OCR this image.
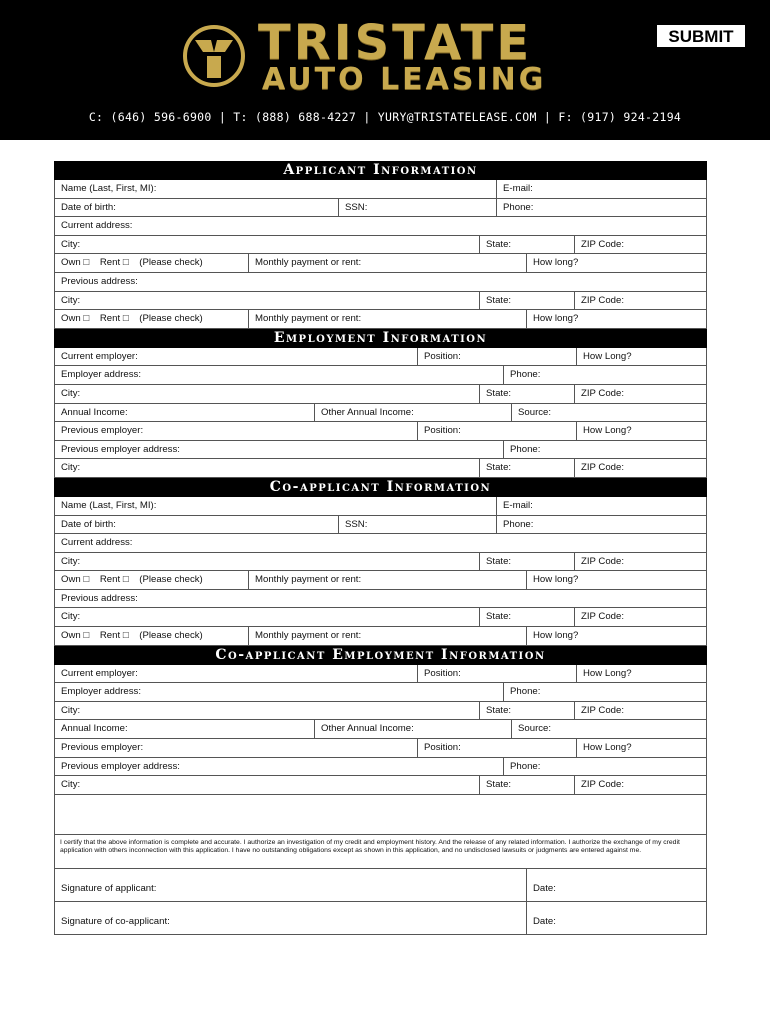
TRISTATE
AUTO LEASING
C: (646) 596-6900 | T: (888) 688-4227 | YURY@TRISTATELEASE.COM | F: (917) 924-2194
SUBMIT
Applicant Information
Name (Last, First, MI):	E-mail:
Date of birth:	SSN:	Phone:
Current address:
City:	State:	ZIP Code:
Own □ Rent □ (Please check)	Monthly payment or rent:	How long?
Previous address:
City:	State:	ZIP Code:
Own □ Rent □ (Please check)	Monthly payment or rent:	How long?
Employment Information
Current employer:	Position:	How Long?
Employer address:	Phone:
City:	State:	ZIP Code:
Annual Income:	Other Annual Income:	Source:
Previous employer:	Position:	How Long?
Previous employer address:	Phone:
City:	State:	ZIP Code:
Co-applicant Information
Name (Last, First, MI):	E-mail:
Date of birth:	SSN:	Phone:
Current address:
City:	State:	ZIP Code:
Own □ Rent □ (Please check)	Monthly payment or rent:	How long?
Previous address:
City:	State:	ZIP Code:
Own □ Rent □ (Please check)	Monthly payment or rent:	How long?
Co-applicant Employment Information
Current employer:	Position:	How Long?
Employer address:	Phone:
City:	State:	ZIP Code:
Annual Income:	Other Annual Income:	Source:
Previous employer:	Position:	How Long?
Previous employer address:	Phone:
City:	State:	ZIP Code:
I certify that the above information is complete and accurate. I authorize an investigation of my credit and employment history. And the release of any related information. I authorize the exchange of my credit application with others inconnection with this application. I have no outstanding obligations except as shown in this application, and no undisclosed lawsuits or judgments are entered against me.
Signature of applicant:	Date:
Signature of co-applicant:	Date:
